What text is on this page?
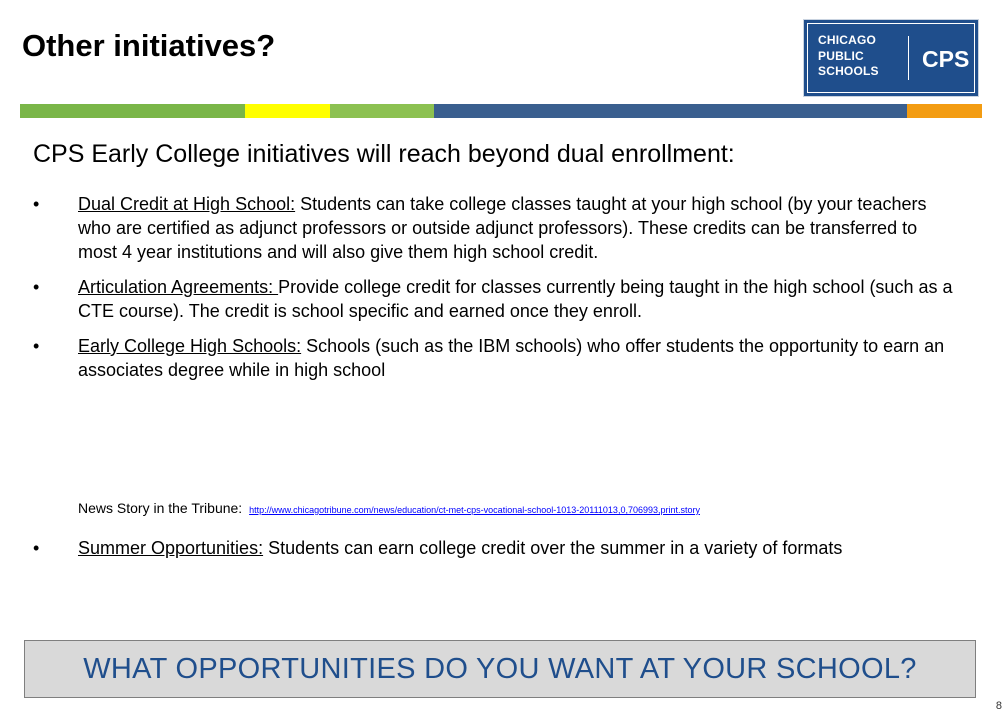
Other initiatives?	CHICAGO
PUBLIC
SCHOOLS CPS
CPS Early College initiatives will reach beyond dual enrollment:
• Dual Credit at High School: Students can take college classes taught at your high school (by your teachers who are certified as adjunct professors or outside adjunct professors). These credits can be transferred to most 4 year institutions and will also give them high school credit.
• Articulation Agreements: Provide college credit for classes currently being taught in the high school (such as a CTE course). The credit is school specific and earned once they enroll.
• Early College High Schools: Schools (such as the IBM schools) who offer students the opportunity to earn an associates degree while in high school
News Story in the Tribune: http://www.chicagotribune.com/news/education/ct-met-cps-vocational-school-1013-20111013,0,706993,print.story
• Summer Opportunities: Students can earn college credit over the summer in a variety of formats
WHAT OPPORTUNITIES DO YOU WANT AT YOUR SCHOOL?
8
